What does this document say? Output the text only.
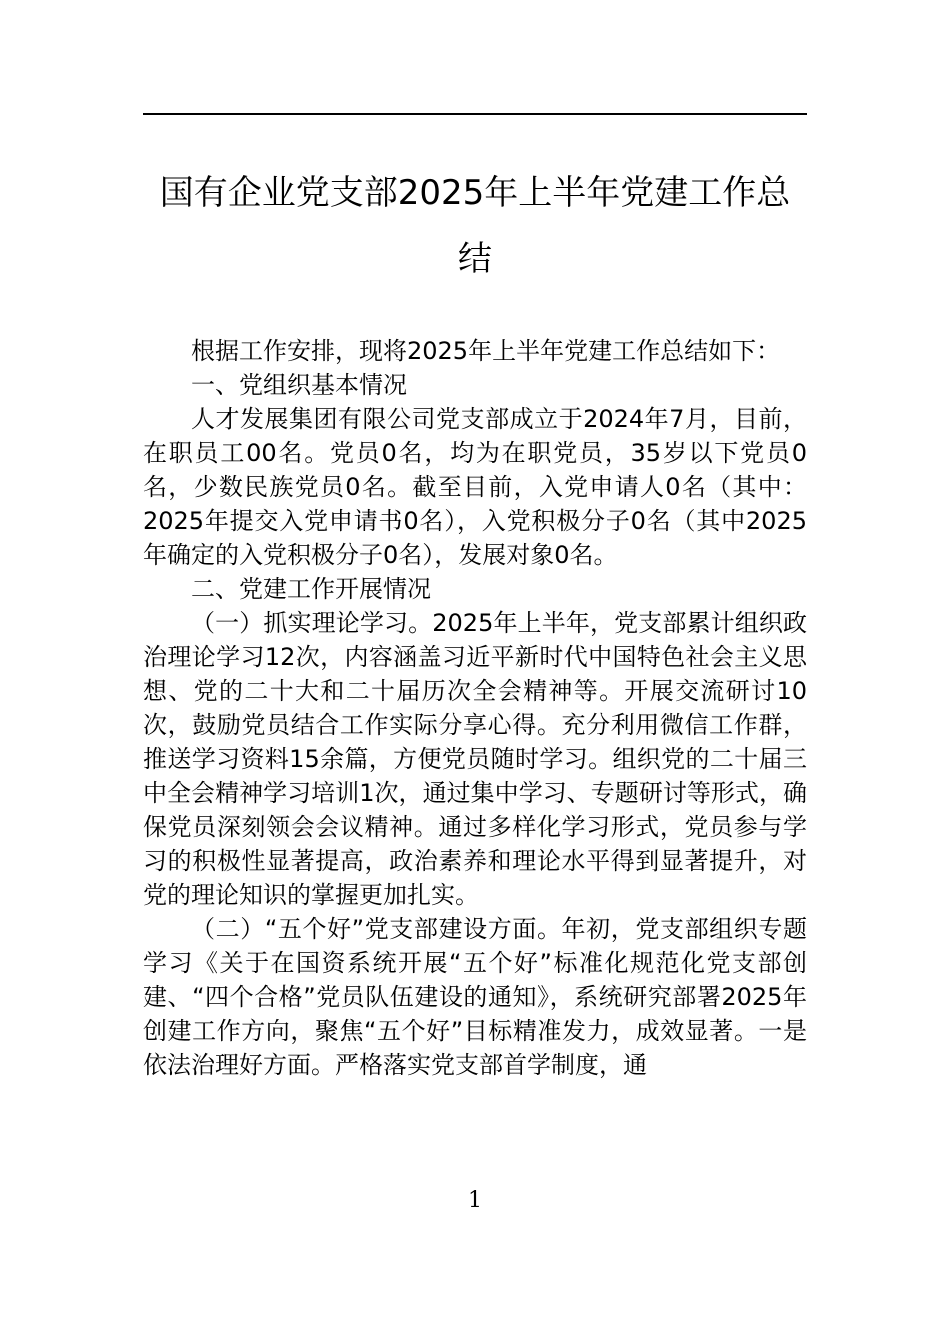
国有企业党支部2025年上半年党建工作总结

根据工作安排，现将2025年上半年党建工作总结如下：

一、党组织基本情况

人才发展集团有限公司党支部成立于2024年7月，目前，在职员工00名。党员0名，均为在职党员，35岁以下党员0名，少数民族党员0名。截至目前，入党申请人0名（其中：2025年提交入党申请书0名），入党积极分子0名（其中2025年确定的入党积极分子0名），发展对象0名。

二、党建工作开展情况

（一）抓实理论学习。2025年上半年，党支部累计组织政治理论学习12次，内容涵盖习近平新时代中国特色社会主义思想、党的二十大和二十届历次全会精神等。开展交流研讨10次，鼓励党员结合工作实际分享心得。充分利用微信工作群，推送学习资料15余篇，方便党员随时学习。组织党的二十届三中全会精神学习培训1次，通过集中学习、专题研讨等形式，确保党员深刻领会会议精神。通过多样化学习形式，党员参与学习的积极性显著提高，政治素养和理论水平得到显著提升，对党的理论知识的掌握更加扎实。

（二）“五个好”党支部建设方面。年初，党支部组织专题学习《关于在国资系统开展“五个好”标准化规范化党支部创建、“四个合格”党员队伍建设的通知》，系统研究部署2025年创建工作方向，聚焦“五个好”目标精准发力，成效显著。一是依法治理好方面。严格落实党支部首学制度，通

1
